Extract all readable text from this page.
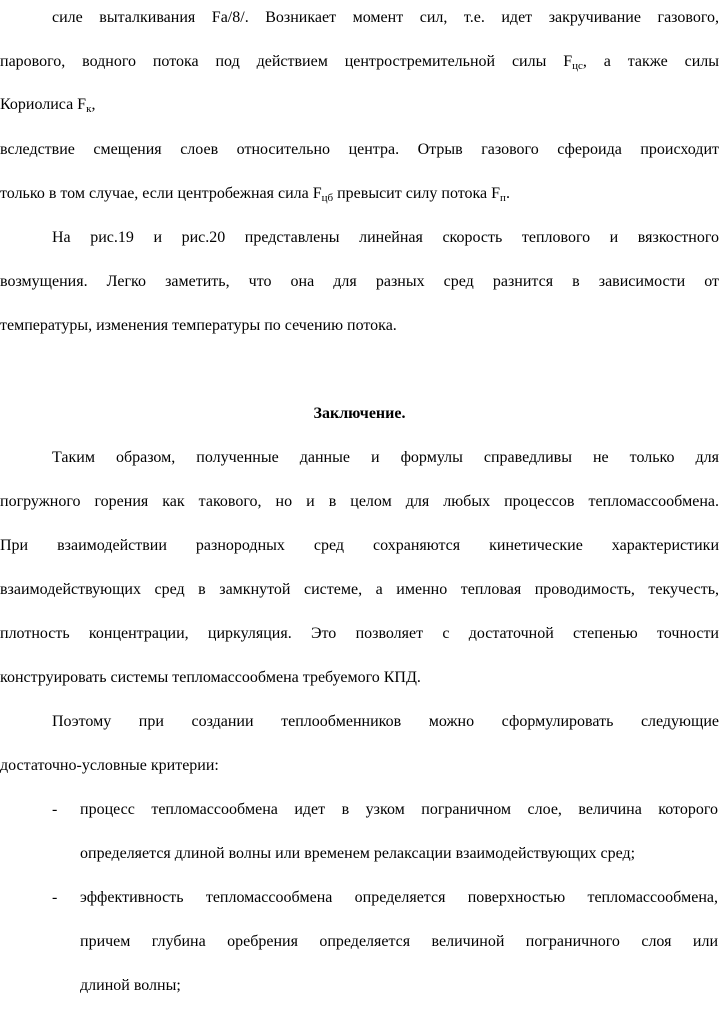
силе выталкивания Fа/8/. Возникает момент сил, т.е. идет закручивание газового,
парового, водного потока под действием центростремительной силы $F_{цс}$, а также силы
Кориолиса $F_к$,
вследствие смещения слоев относительно центра. Отрыв газового сфероида происходит
только в том случае, если центробежная сила $F_{цб}$ превысит силу потока $F_п$.
На рис.19 и рис.20 представлены линейная скорость теплового и вязкостного
возмущения. Легко заметить, что она для разных сред разнится в зависимости от
температуры, изменения температуры по сечению потока.
Заключение.
Таким образом, полученные данные и формулы справедливы не только для
погружного горения как такового, но и в целом для любых процессов тепломассообмена.
При взаимодействии разнородных сред сохраняются кинетические характеристики
взаимодействующих сред в замкнутой системе, а именно тепловая проводимость, текучесть,
плотность концентрации, циркуляция. Это позволяет с достаточной степенью точности
конструировать системы тепломассообмена требуемого КПД.
Поэтому при создании теплообменников можно сформулировать следующие
достаточно-условные критерии:
-	процесс тепломассообмена идет в узком пограничном слое, величина которого
определяется длиной волны или временем релаксации взаимодействующих сред;
-	эффективность тепломассообмена определяется поверхностью тепломассообмена,
причем глубина оребрения определяется величиной пограничного слоя или
длиной волны;
